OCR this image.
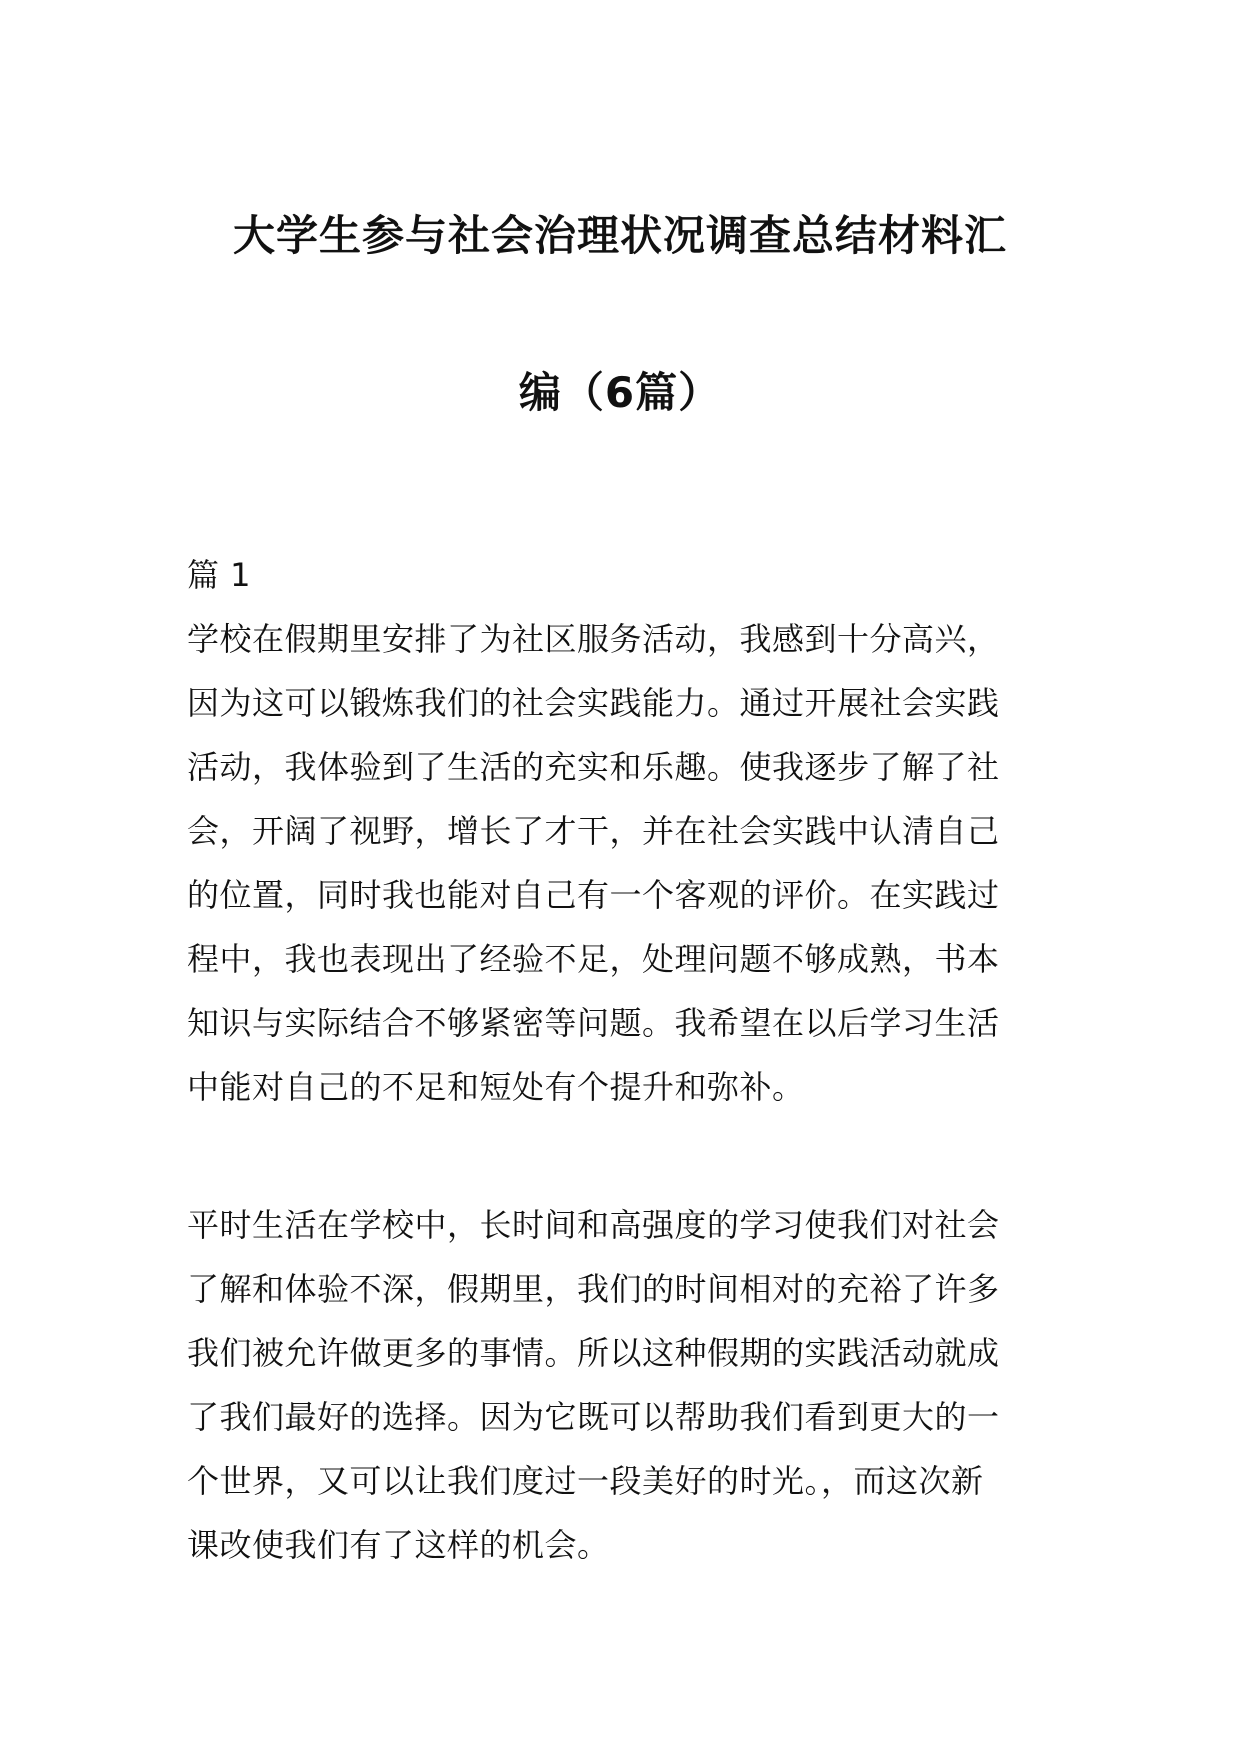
大学生参与社会治理状况调查总结材料汇
编（6篇）

篇 1

学校在假期里安排了为社区服务活动，我感到十分高兴，
因为这可以锻炼我们的社会实践能力。通过开展社会实践
活动，我体验到了生活的充实和乐趣。使我逐步了解了社
会，开阔了视野，增长了才干，并在社会实践中认清自己
的位置，同时我也能对自己有一个客观的评价。在实践过
程中，我也表现出了经验不足，处理问题不够成熟，书本
知识与实际结合不够紧密等问题。我希望在以后学习生活
中能对自己的不足和短处有个提升和弥补。
平时生活在学校中，长时间和高强度的学习使我们对社会
了解和体验不深，假期里，我们的时间相对的充裕了许多
我们被允许做更多的事情。所以这种假期的实践活动就成
了我们最好的选择。因为它既可以帮助我们看到更大的一
个世界，又可以让我们度过一段美好的时光。，而这次新
课改使我们有了这样的机会。
